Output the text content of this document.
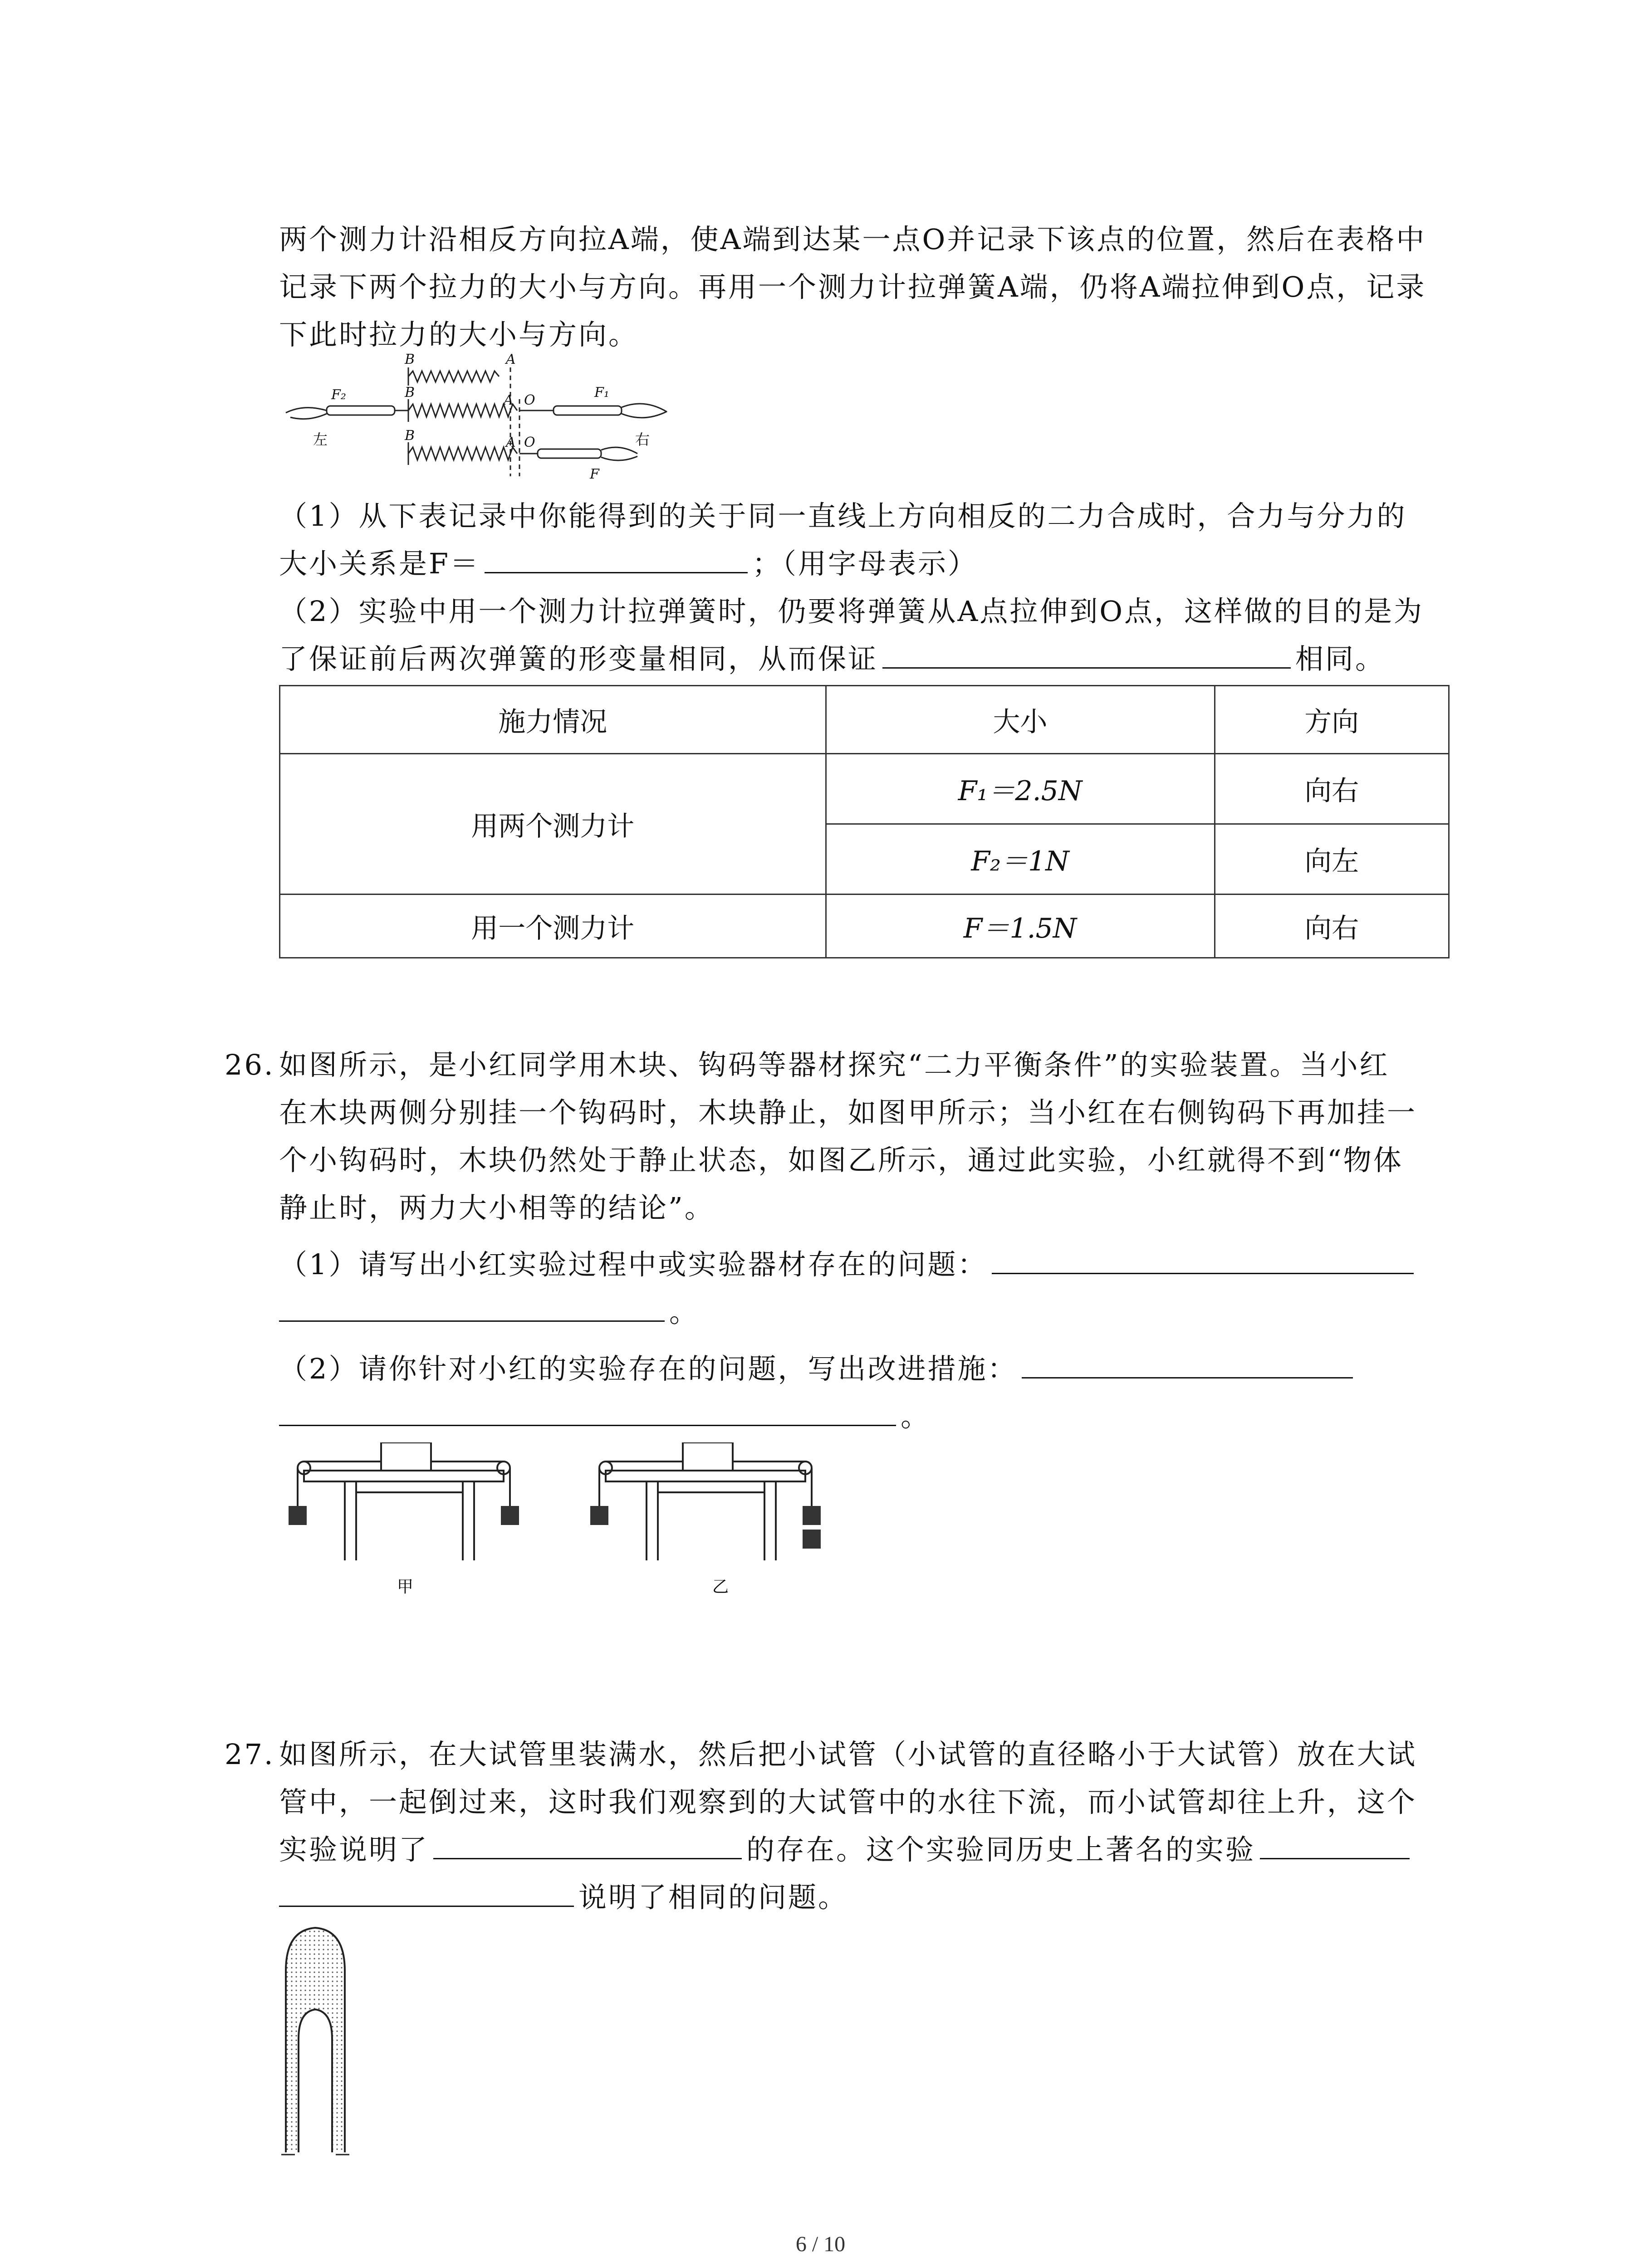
两个测力计沿相反方向拉A端，使A端到达某一点O并记录下该点的位置，然后在表格中
记录下两个拉力的大小与方向。再用一个测力计拉弹簧A端，仍将A端拉伸到O点，记录
下此时拉力的大小与方向。
B	A
B	A O
F₂	F₁
B	A O
F
左	右
（1）从下表记录中你能得到的关于同一直线上方向相反的二力合成时，合力与分力的
大小关系是F＝	；（用字母表示）
（2）实验中用一个测力计拉弹簧时，仍要将弹簧从A点拉伸到O点，这样做的目的是为
了保证前后两次弹簧的形变量相同，从而保证	相同。
施力情况	大小	方向
用两个测力计	F₁＝2.5N	向右
	F₂＝1N	向左
用一个测力计	F＝1.5N	向右
26. 如图所示，是小红同学用木块、钩码等器材探究“二力平衡条件”的实验装置。当小红
在木块两侧分别挂一个钩码时，木块静止，如图甲所示；当小红在右侧钩码下再加挂一
个小钩码时，木块仍然处于静止状态，如图乙所示，通过此实验，小红就得不到“物体
静止时，两力大小相等的结论”。
（1）请写出小红实验过程中或实验器材存在的问题：
。
（2）请你针对小红的实验存在的问题，写出改进措施：
。
甲	乙
27. 如图所示，在大试管里装满水，然后把小试管（小试管的直径略小于大试管）放在大试
管中，一起倒过来，这时我们观察到的大试管中的水往下流，而小试管却往上升，这个
实验说明了	的存在。这个实验同历史上著名的实验
说明了相同的问题。
6 / 10
